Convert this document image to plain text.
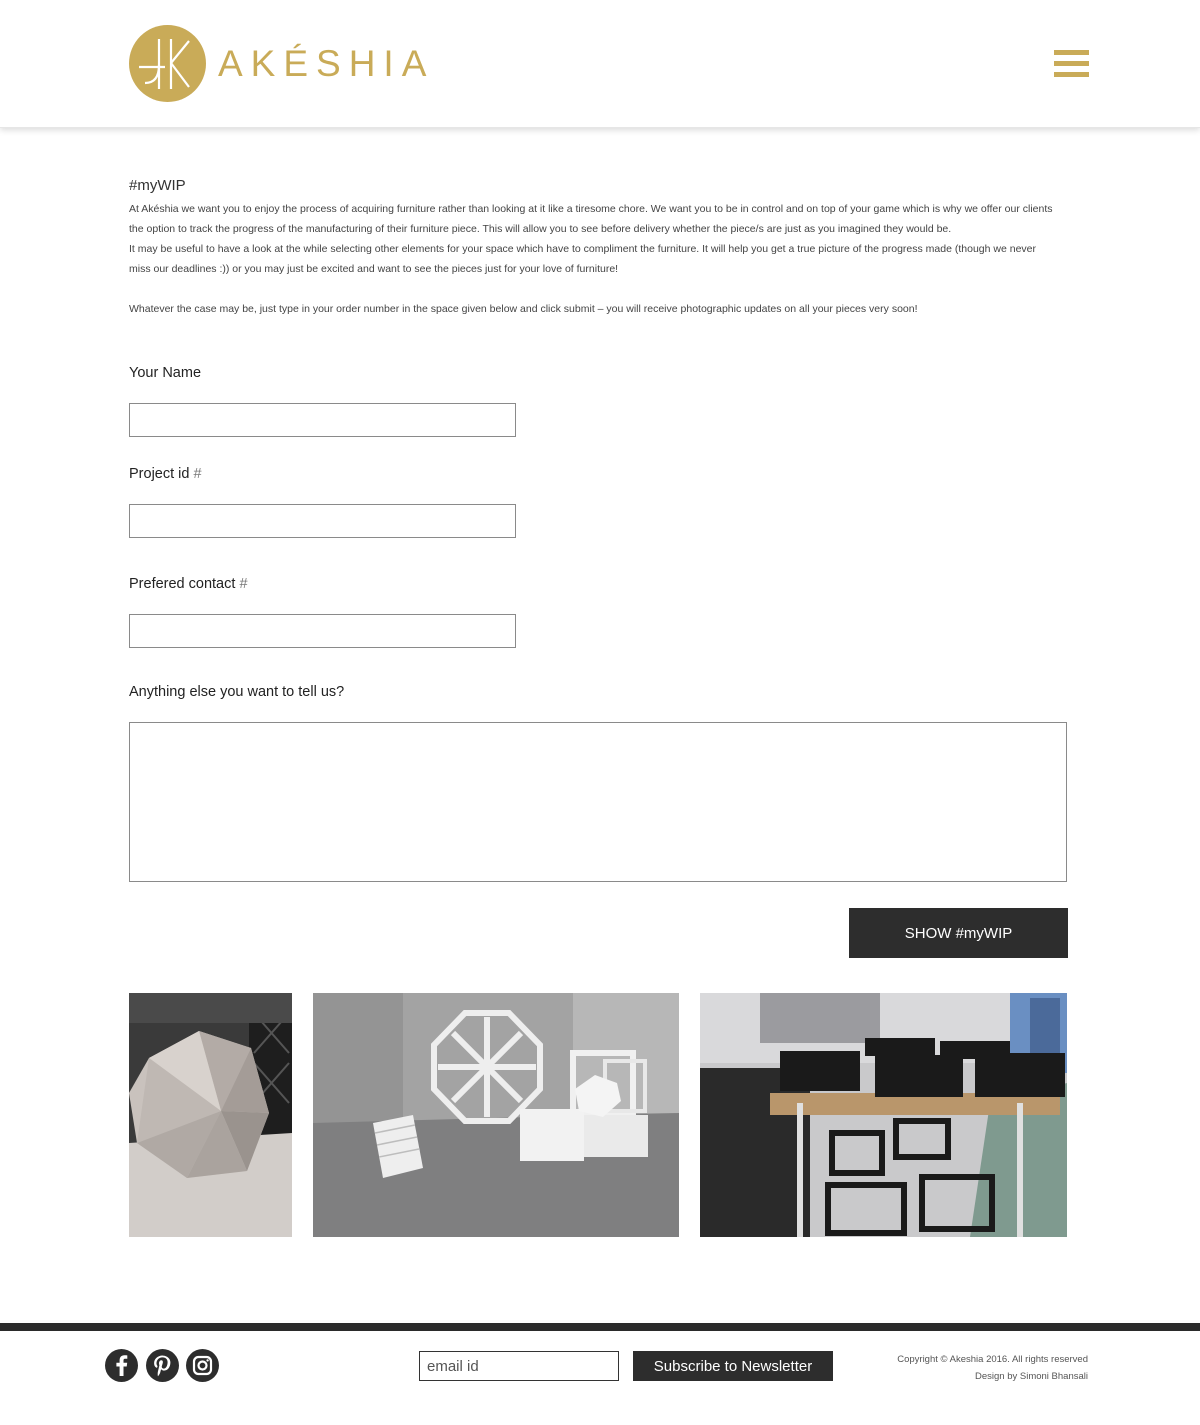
AKÉSHIA
#myWIP

At Akéshia we want you to enjoy the process of acquiring furniture rather than looking at it like a tiresome chore. We want you to be in control and on top of your game which is why we offer our clients the option to track the progress of the manufacturing of their furniture piece. This will allow you to see before delivery whether the piece/s are just as you imagined they would be.

It may be useful to have a look at the while selecting other elements for your space which have to compliment the furniture. It will help you get a true picture of the progress made (though we never miss our deadlines :)) or you may just be excited and want to see the pieces just for your love of furniture!

Whatever the case may be, just type in your order number in the space given below and click submit – you will receive photographic updates on all your pieces very soon!

Your Name
Project id #
Prefered contact #
Anything else you want to tell us?
SHOW #myWIP
email id
Subscribe to Newsletter	Copyright © Akeshia 2016. All rights reserved
Design by Simoni Bhansali
